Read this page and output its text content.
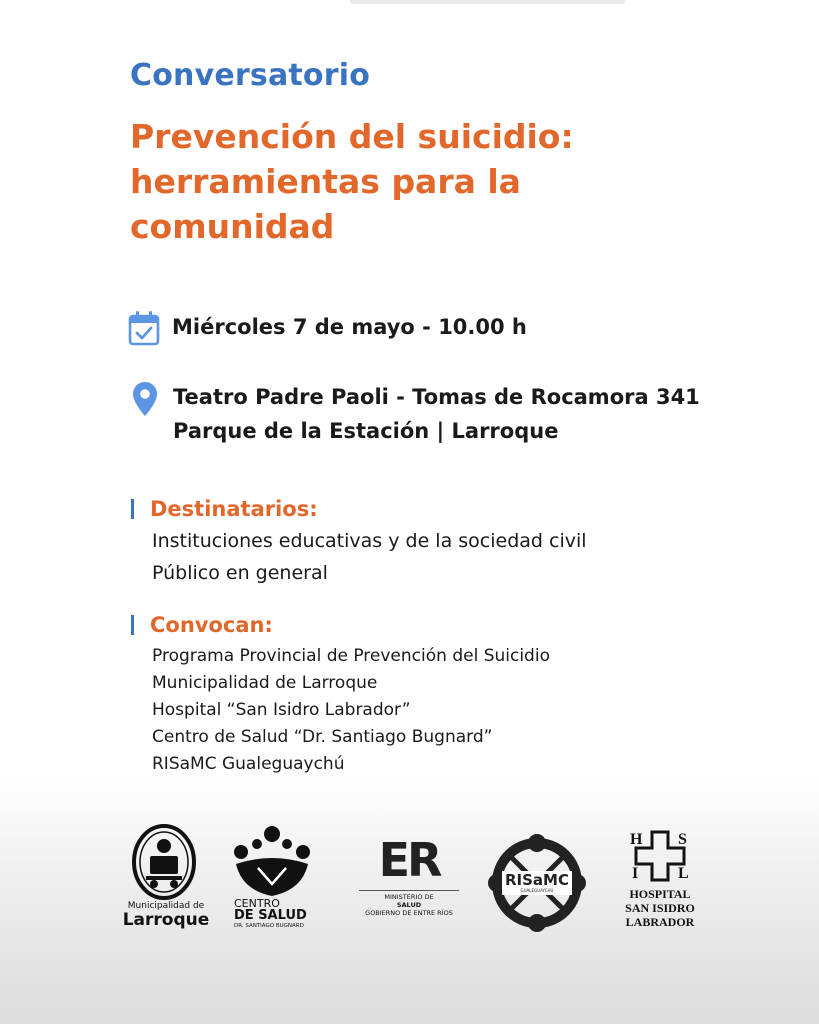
Conversatorio
Prevención del suicidio:
herramientas para la
comunidad
Miércoles 7 de mayo - 10.00 h
Teatro Padre Paoli - Tomas de Rocamora 341
Parque de la Estación | Larroque
Destinatarios:
Instituciones educativas y de la sociedad civil
Público en general
Convocan:
Programa Provincial de Prevención del Suicidio
Municipalidad de Larroque
Hospital “San Isidro Labrador”
Centro de Salud “Dr. Santiago Bugnard”
RISaMC Gualeguaychú
Municipalidad de
Larroque
CENTRO
DE SALUD
DR. SANTIAGO BUGNARD
ER
MINISTERIO DE
SALUD
GOBIERNO DE ENTRE RÍOS
RISaMC
GUALEGUAYCHÚ
H S
I L
HOSPITAL
SAN ISIDRO
LABRADOR
